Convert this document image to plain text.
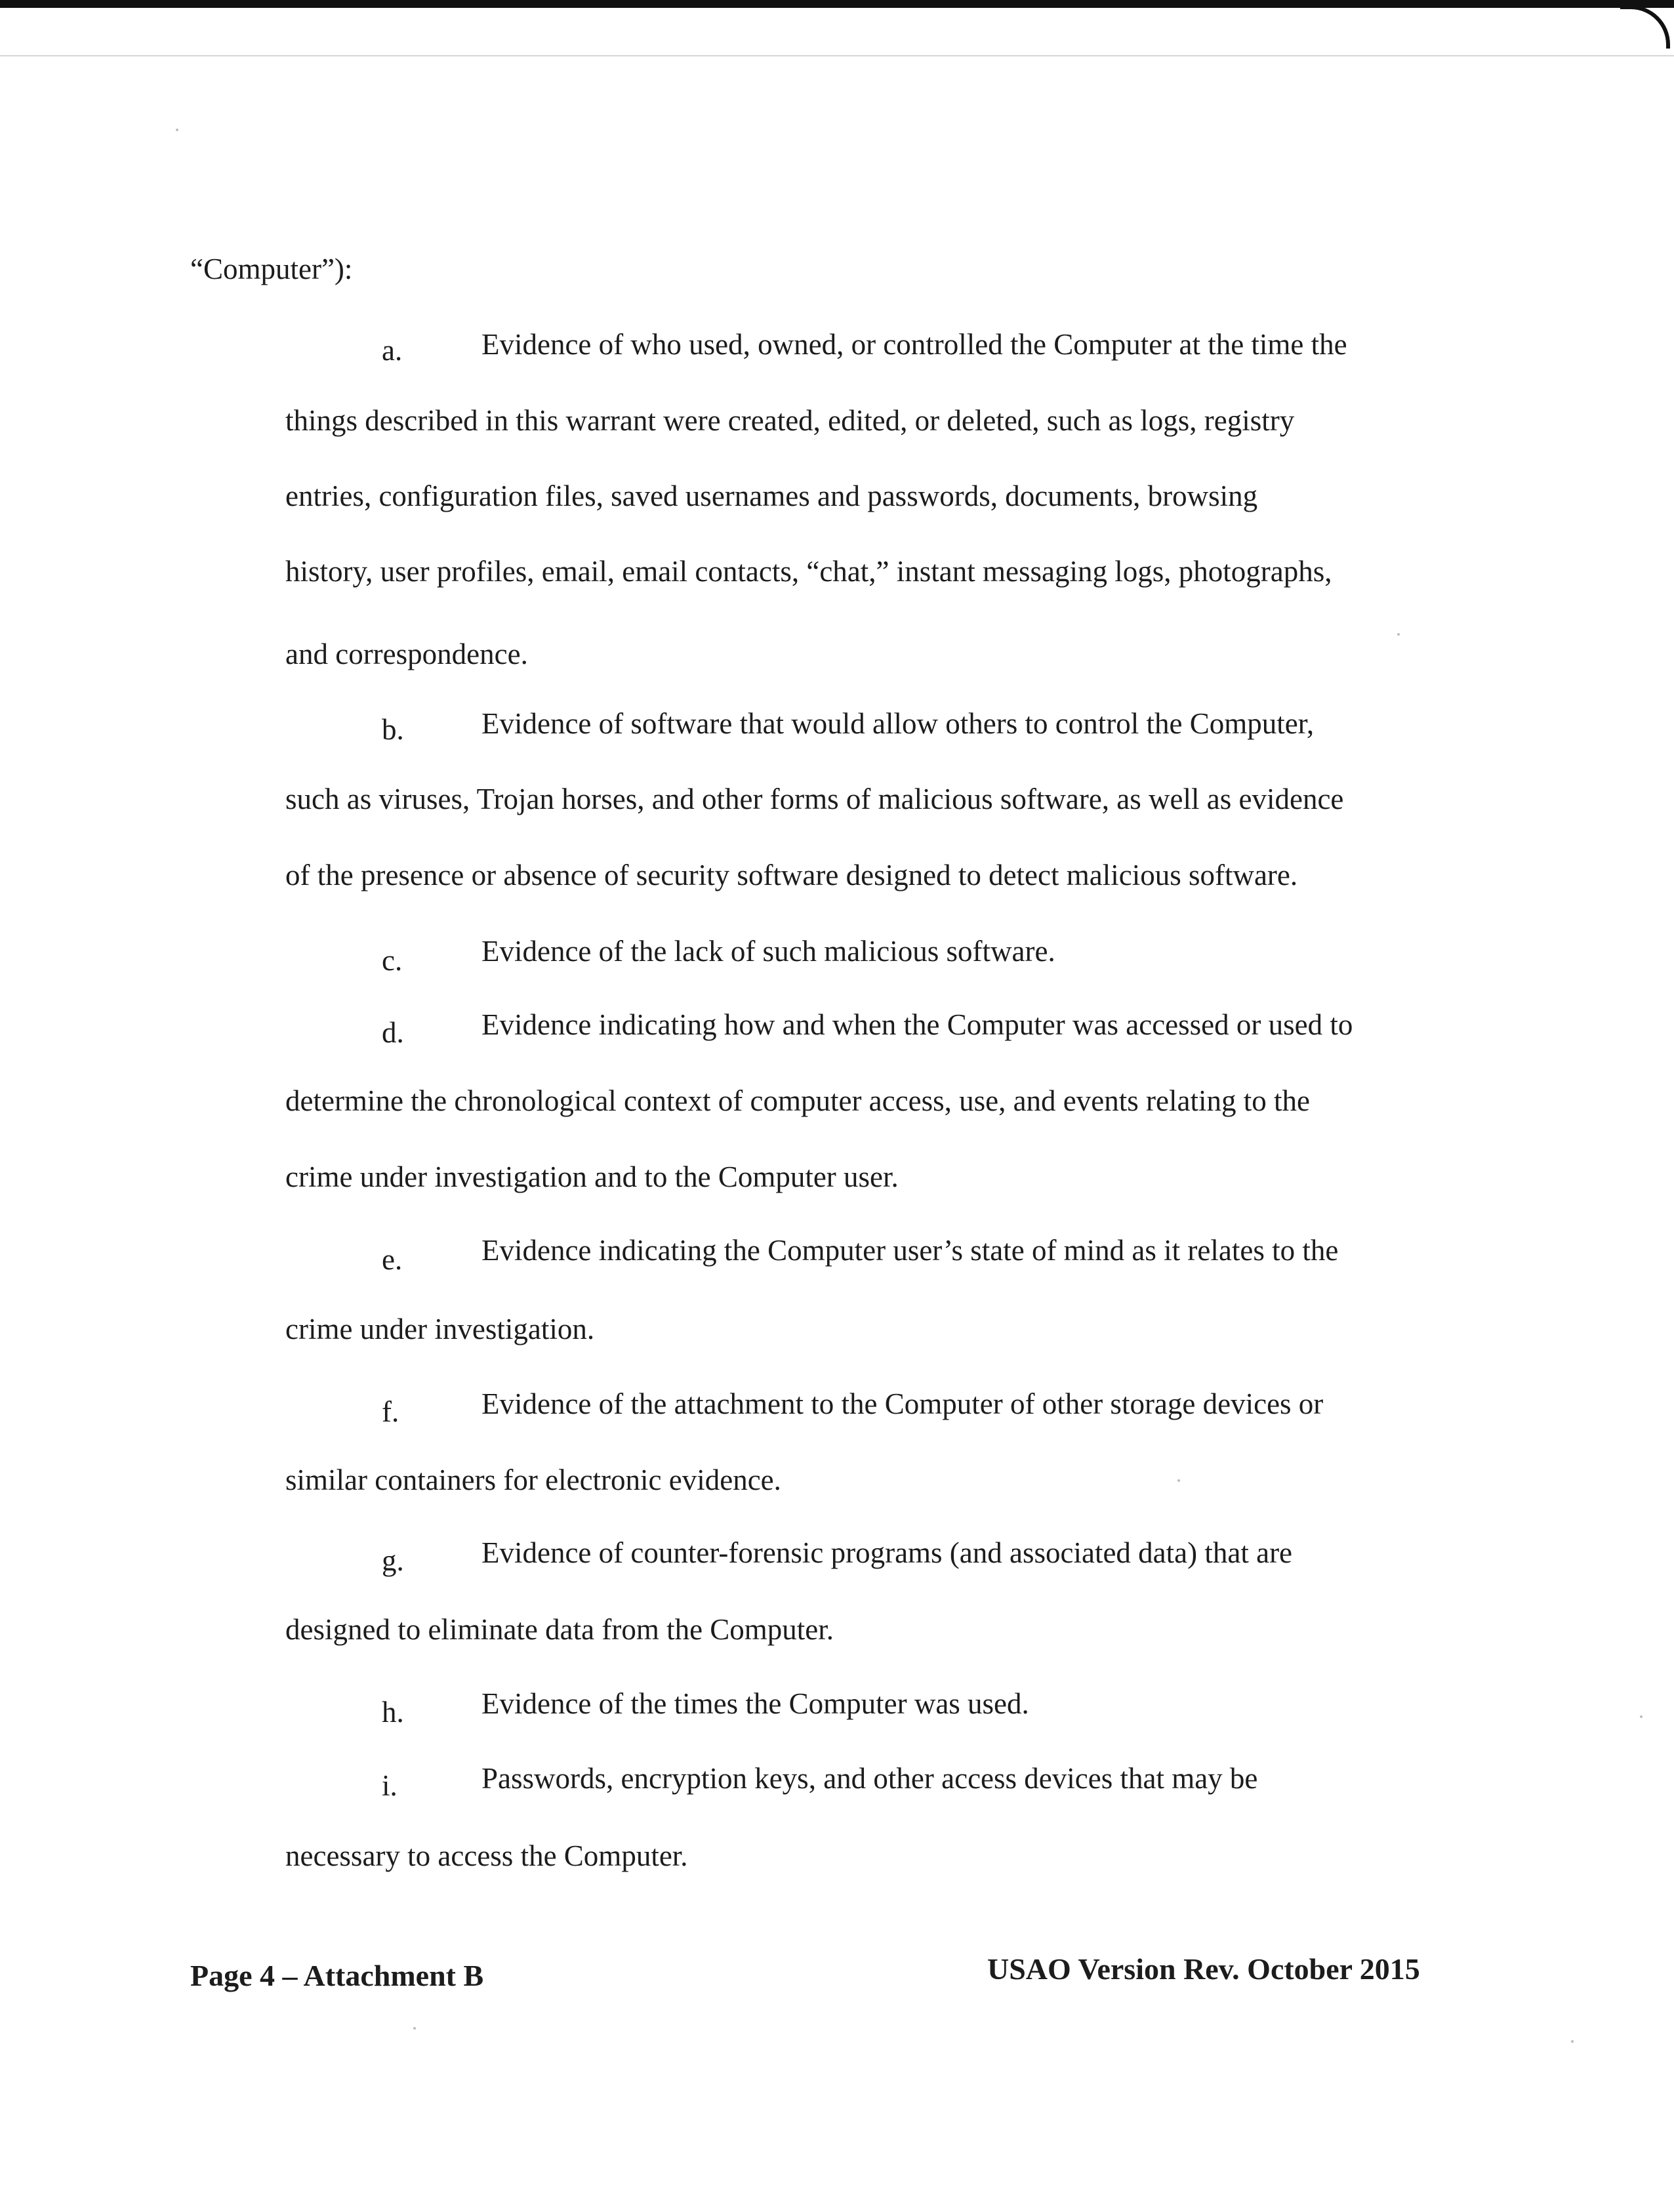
“Computer”):
a.	Evidence of who used, owned, or controlled the Computer at the time the
things described in this warrant were created, edited, or deleted, such as logs, registry
entries, configuration files, saved usernames and passwords, documents, browsing
history, user profiles, email, email contacts, “chat,” instant messaging logs, photographs,
and correspondence.
b.	Evidence of software that would allow others to control the Computer,
such as viruses, Trojan horses, and other forms of malicious software, as well as evidence
of the presence or absence of security software designed to detect malicious software.
c.	Evidence of the lack of such malicious software.
d.	Evidence indicating how and when the Computer was accessed or used to
determine the chronological context of computer access, use, and events relating to the
crime under investigation and to the Computer user.
e.	Evidence indicating the Computer user’s state of mind as it relates to the
crime under investigation.
f.	Evidence of the attachment to the Computer of other storage devices or
similar containers for electronic evidence.
g.	Evidence of counter-forensic programs (and associated data) that are
designed to eliminate data from the Computer.
h.	Evidence of the times the Computer was used.
i.	Passwords, encryption keys, and other access devices that may be
necessary to access the Computer.
Page 4 – Attachment B	USAO Version Rev. October 2015
